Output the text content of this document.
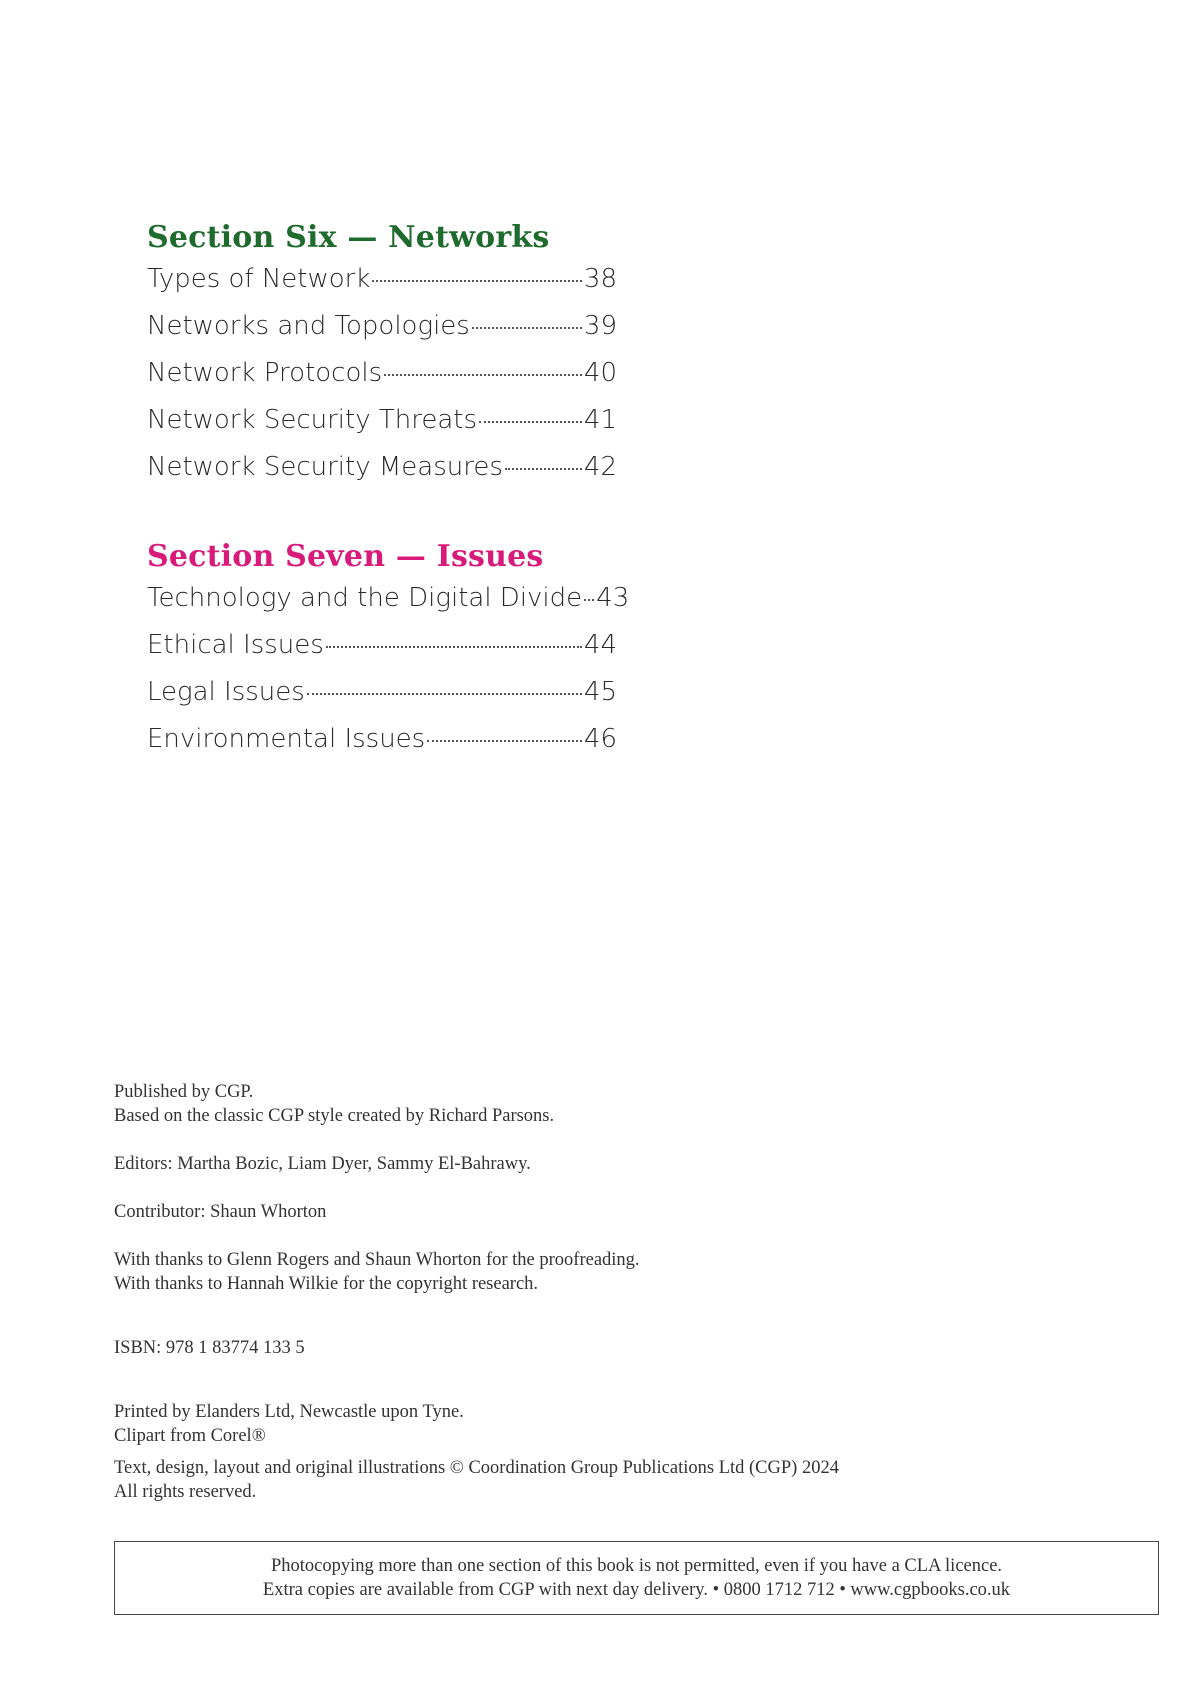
Section Six — Networks
Types of Network	38
Networks and Topologies	39
Network Protocols	40
Network Security Threats	41
Network Security Measures	42
Section Seven — Issues
Technology and the Digital Divide 43
Ethical Issues	44
Legal Issues	45
Environmental Issues	46
Published by CGP.
Based on the classic CGP style created by Richard Parsons.
Editors: Martha Bozic, Liam Dyer, Sammy El-Bahrawy.
Contributor: Shaun Whorton
With thanks to Glenn Rogers and Shaun Whorton for the proofreading.
With thanks to Hannah Wilkie for the copyright research.
ISBN: 978 1 83774 133 5
Printed by Elanders Ltd, Newcastle upon Tyne.
Clipart from Corel®
Text, design, layout and original illustrations © Coordination Group Publications Ltd (CGP) 2024
All rights reserved.
Photocopying more than one section of this book is not permitted, even if you have a CLA licence.
Extra copies are available from CGP with next day delivery. • 0800 1712 712 • www.cgpbooks.co.uk
